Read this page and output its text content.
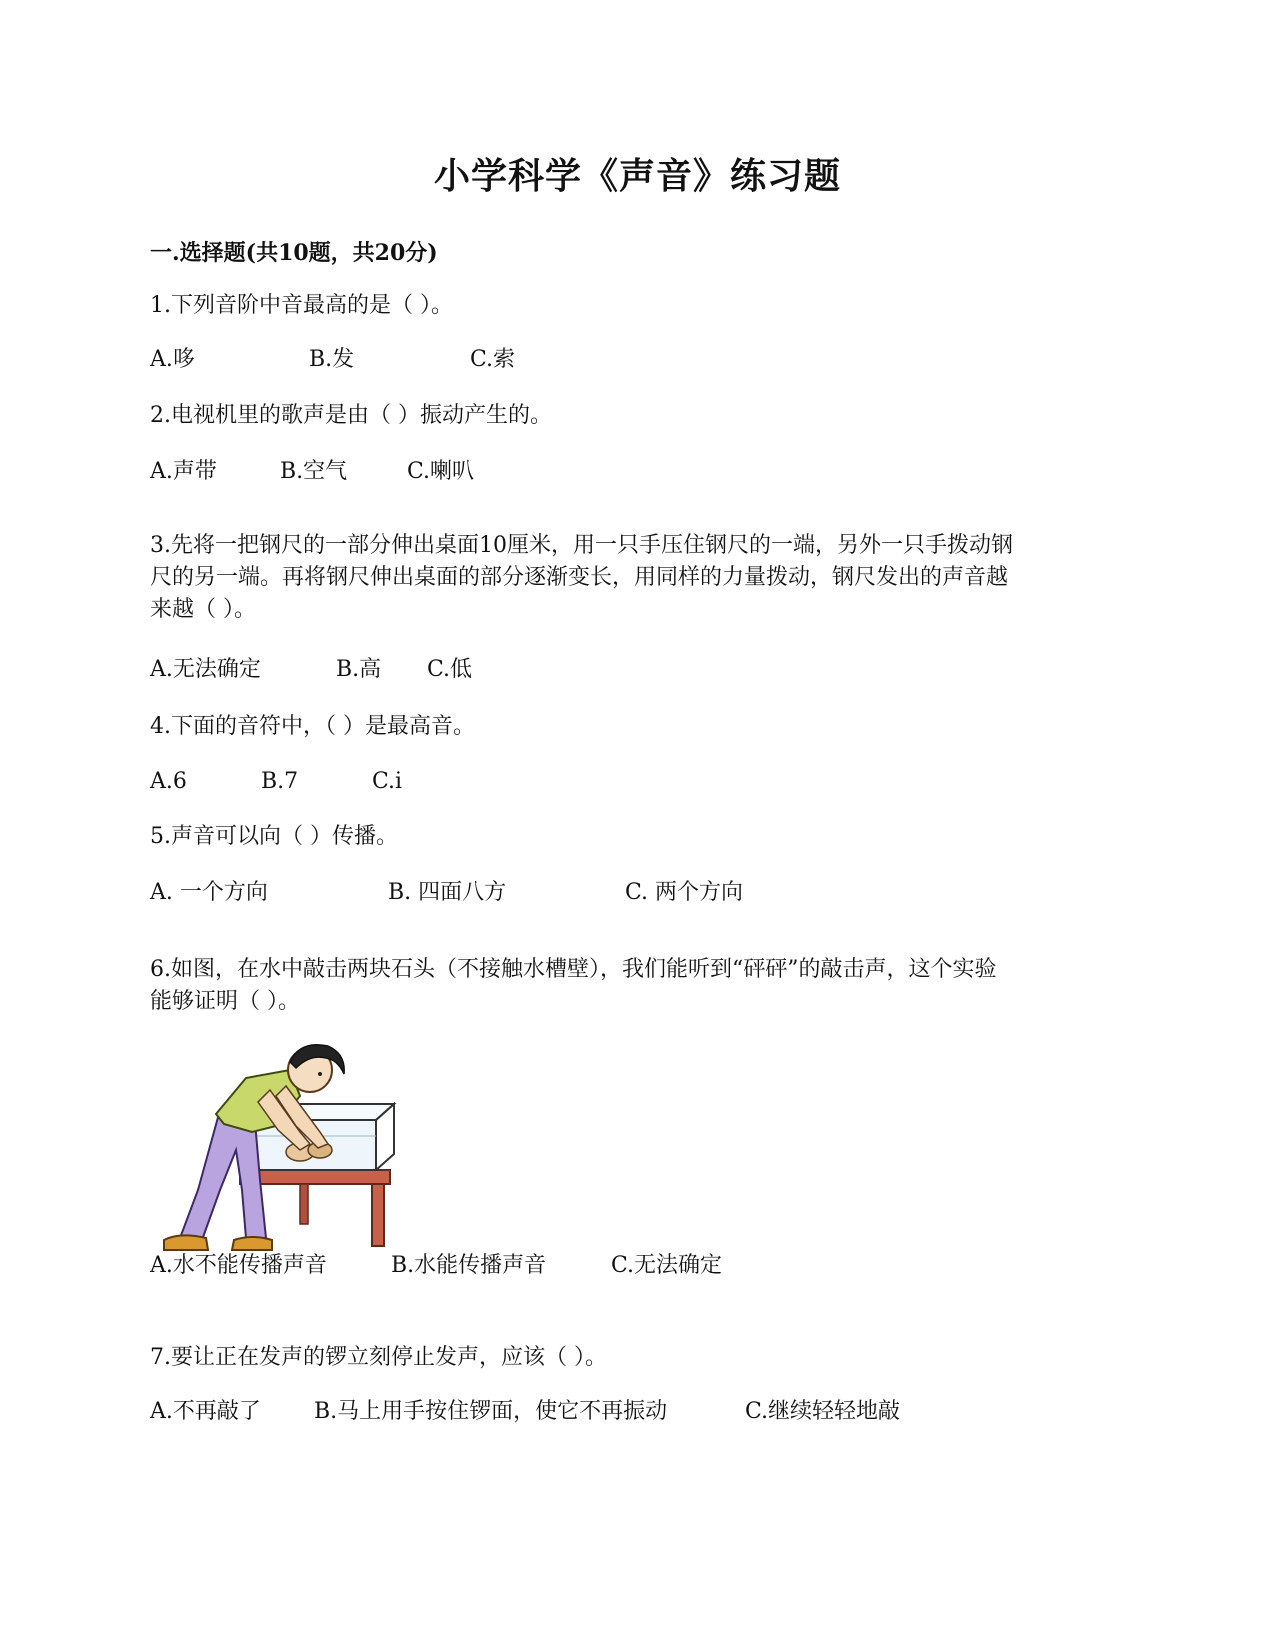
小学科学《声音》练习题
一.选择题(共10题，共20分)
1.下列音阶中音最高的是（ ）。
A.哆	B.发	C.索
2.电视机里的歌声是由（ ）振动产生的。
A.声带	B.空气	C.喇叭
3.先将一把钢尺的一部分伸出桌面10厘米，用一只手压住钢尺的一端，另外一只手拨动钢
尺的另一端。再将钢尺伸出桌面的部分逐渐变长，用同样的力量拨动，钢尺发出的声音越
来越（ ）。
A.无法确定	B.高 C.低
4.下面的音符中，（ ）是最高音。
A.6	B.7	C.i
5.声音可以向（ ）传播。
A. 一个方向	B. 四面八方	C. 两个方向
6.如图，在水中敲击两块石头（不接触水槽壁），我们能听到“砰砰”的敲击声，这个实验
能够证明（ ）。
A.水不能传播声音	B.水能传播声音	C.无法确定
7.要让正在发声的锣立刻停止发声，应该（ ）。
A.不再敲了 B.马上用手按住锣面，使它不再振动	C.继续轻轻地敲
